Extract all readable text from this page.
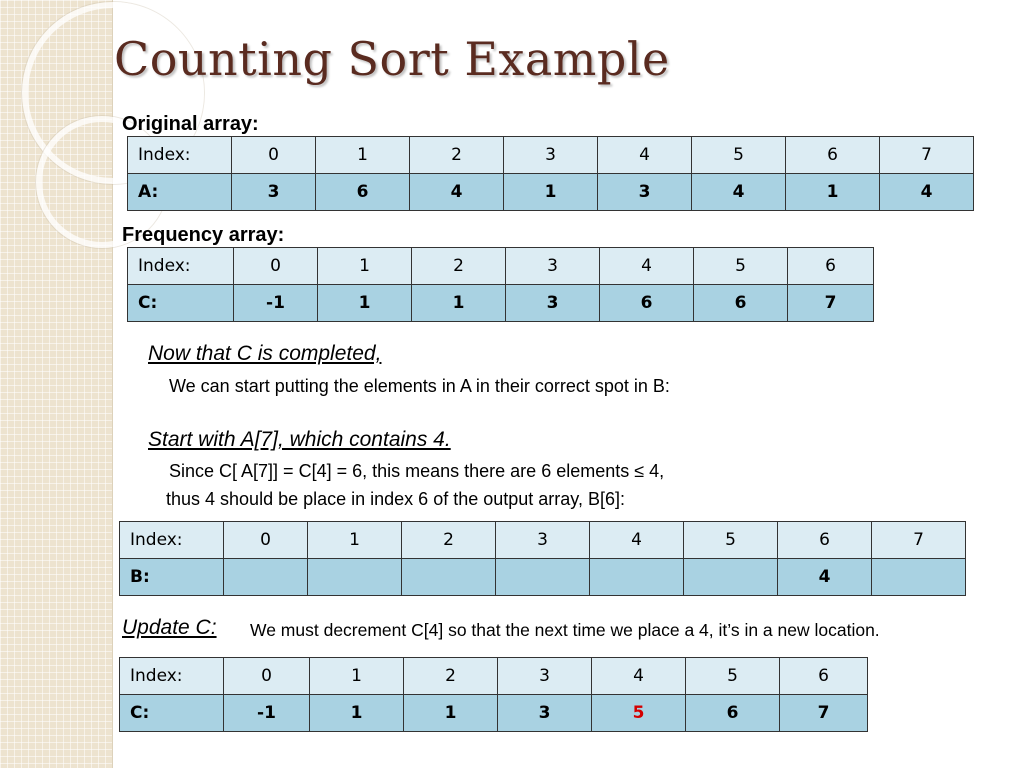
Counting Sort Example
Original array:
Index:	0	1	2	3	4	5	6	7
A:	3	6	4	1	3	4	1	4
Frequency array:
Index:	0	1	2	3	4	5	6
C:	-1	1	1	3	6	6	7
Now that C is completed,
We can start putting the elements in A in their correct spot in B:
Start with A[7], which contains 4.
Since C[ A[7]] = C[4] = 6, this means there are 6 elements ≤ 4,
thus 4 should be place in index 6 of the output array, B[6]:
Index:	0	1	2	3	4	5	6	7
B:							4	
Update C: We must decrement C[4] so that the next time we place a 4, it’s in a new location.
Index:	0	1	2	3	4	5	6
C:	-1	1	1	3	5	6	7
